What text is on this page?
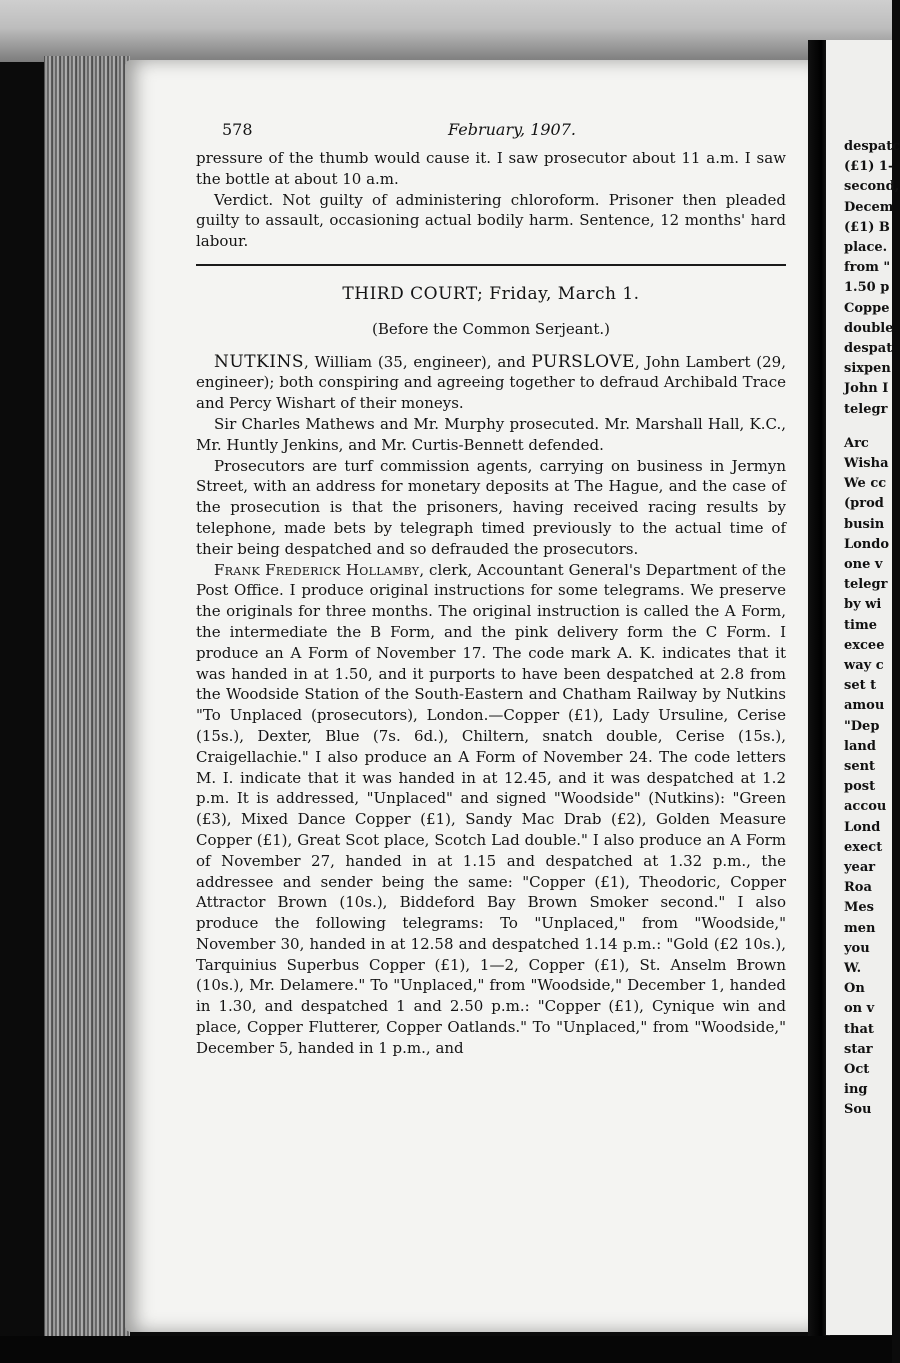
despatc
(£1) 1-
second,
Decem
(£1) B
place.
from "
1.50 p
Coppe
double
despat
sixpen
John I
telegr
Arc
Wisha
We cc
(prod
busin
Londo
one v
telegr
by wi
time
excee
way c
set t
amou
"Dep
land
sent
post
accou
Lond
exect
year
Roa
Mes
men
you
W.
On
on v
that
star
Oct
ing
Sou
578	February, 1907.

pressure of the thumb would cause it. I saw prosecutor about 11 a.m. I saw the bottle at about 10 a.m.

Verdict. Not guilty of administering chloroform. Prisoner then pleaded guilty to assault, occasioning actual bodily harm. Sentence, 12 months' hard labour.

THIRD COURT; Friday, March 1.
(Before the Common Serjeant.)

NUTKINS, William (35, engineer), and PURSLOVE, John Lambert (29, engineer); both conspiring and agreeing together to defraud Archibald Trace and Percy Wishart of their moneys.

Sir Charles Mathews and Mr. Murphy prosecuted. Mr. Marshall Hall, K.C., Mr. Huntly Jenkins, and Mr. Curtis-Bennett defended.

Prosecutors are turf commission agents, carrying on business in Jermyn Street, with an address for monetary deposits at The Hague, and the case of the prosecution is that the prisoners, having received racing results by telephone, made bets by telegraph timed previously to the actual time of their being despatched and so defrauded the prosecutors.

Frank Frederick Hollamby, clerk, Accountant General's Department of the Post Office. I produce original instructions for some telegrams. We preserve the originals for three months. The original instruction is called the A Form, the intermediate the B Form, and the pink delivery form the C Form. I produce an A Form of November 17. The code mark A. K. indicates that it was handed in at 1.50, and it purports to have been despatched at 2.8 from the Woodside Station of the South-Eastern and Chatham Railway by Nutkins "To Unplaced (prosecutors), London.—Copper (£1), Lady Ursuline, Cerise (15s.), Dexter, Blue (7s. 6d.), Chiltern, snatch double, Cerise (15s.), Craigellachie." I also produce an A Form of November 24. The code letters M. I. indicate that it was handed in at 12.45, and it was despatched at 1.2 p.m. It is addressed, "Unplaced" and signed "Woodside" (Nutkins): "Green (£3), Mixed Dance Copper (£1), Sandy Mac Drab (£2), Golden Measure Copper (£1), Great Scot place, Scotch Lad double." I also produce an A Form of November 27, handed in at 1.15 and despatched at 1.32 p.m., the addressee and sender being the same: "Copper (£1), Theodoric, Copper Attractor Brown (10s.), Biddeford Bay Brown Smoker second." I also produce the following telegrams: To "Unplaced," from "Woodside," November 30, handed in at 12.58 and despatched 1.14 p.m.: "Gold (£2 10s.), Tarquinius Superbus Copper (£1), 1—2, Copper (£1), St. Anselm Brown (10s.), Mr. Delamere." To "Unplaced," from "Woodside," December 1, handed in 1.30, and despatched 1 and 2.50 p.m.: "Copper (£1), Cynique win and place, Copper Flutterer, Copper Oatlands." To "Unplaced," from "Woodside," December 5, handed in 1 p.m., and
